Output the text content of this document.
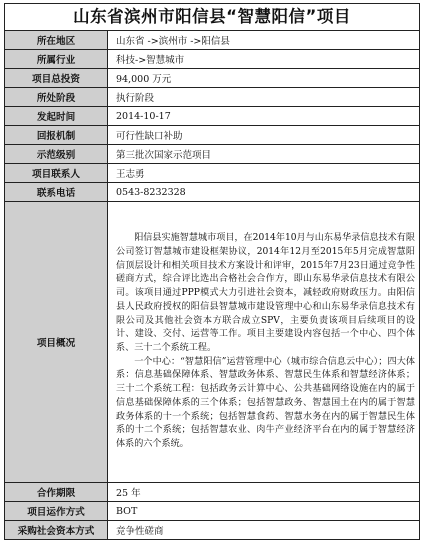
山东省滨州市阳信县“智慧阳信”项目
所在地区	山东省 ->滨州市 ->阳信县
所属行业	科技->智慧城市
项目总投资	94,000 万元
所处阶段	执行阶段
发起时间	2014-10-17
回报机制	可行性缺口补助
示范级别	第三批次国家示范项目
项目联系人	王志勇
联系电话	0543-8232328
项目概况	阳信县实施智慧城市项目，在2014年10月与山东易华录信息技术有限公司签订智慧城市建设框架协议，2014年12月至2015年5月完成智慧阳信顶层设计和相关项目技术方案设计和评审，2015年7月23日通过竞争性磋商方式，综合评比选出合格社会合作方，即山东易华录信息技术有限公司。该项目通过PPP模式大力引进社会资本，减轻政府财政压力。由阳信县人民政府授权的阳信县智慧城市建设管理中心和山东易华录信息技术有限公司及其他社会资本方联合成立SPV，主要负责该项目后续项目的设计、建设、交付、运营等工作。项目主要建设内容包括一个中心、四个体系、三十二个系统工程。
一个中心：“智慧阳信”运营管理中心（城市综合信息云中心）；四大体系：信息基础保障体系、智慧政务体系、智慧民生体系和智慧经济体系；三十二个系统工程：包括政务云计算中心、公共基础网络设施在内的属于信息基础保障体系的三个体系；包括智慧政务、智慧国土在内的属于智慧政务体系的十一个系统；包括智慧食药、智慧水务在内的属于智慧民生体系的十二个系统；包括智慧农业、肉牛产业经济平台在内的属于智慧经济体系的六个系统。

合作期限	25 年
项目运作方式	BOT
采购社会资本方式	竞争性磋商
